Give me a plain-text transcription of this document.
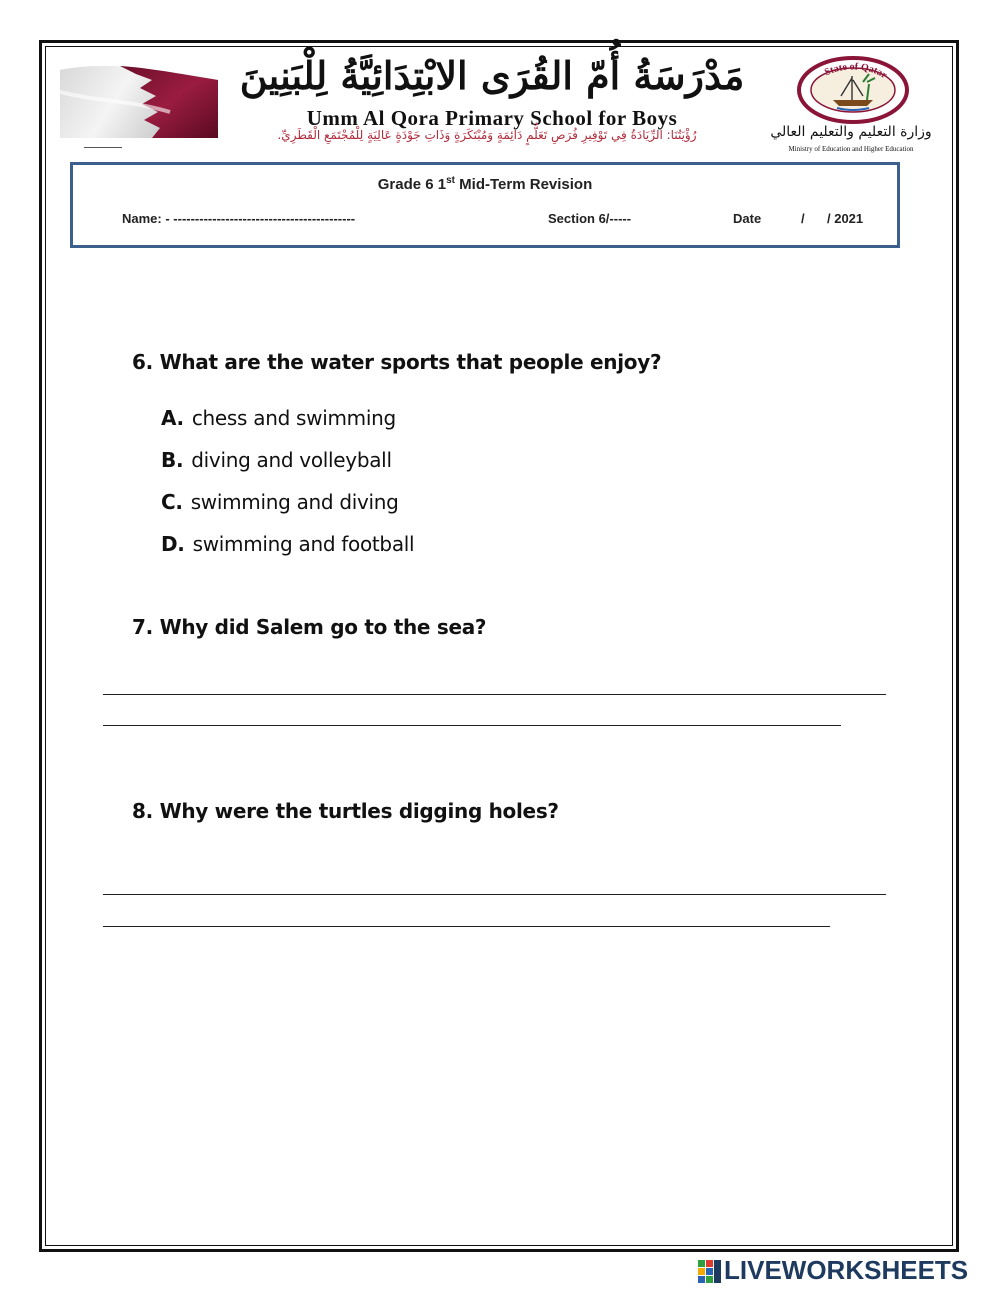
مَدْرَسَةُ أُمّ القُرَى الابْتِدَائِيَّةُ لِلْبَنِينَ
Umm Al Qora Primary School for Boys
رُؤْيَتُنَا: الرِّيَادَةُ فِي تَوْفِيرِ فُرَصِ تَعَلُّمٍ دَائِمَةٍ وَمُبْتَكَرَةٍ وَذَاتِ جَوْدَةٍ عَالِيَةٍ لِلْمُجْتَمَعِ الْقَطَرِيِّ.
State of Qatar
وزارة التعليم والتعليم العالي
Ministry of Education and Higher Education
Grade 6 1st Mid-Term Revision
Name: - ------------------------------------------	Section 6/-----	Date	/ / 2021
6. What are the water sports that people enjoy?
A. chess and swimming
B. diving and volleyball
C. swimming and diving
D. swimming and football
7. Why did Salem go to the sea?
8. Why were the turtles digging holes?
LIVEWORKSHEETS
